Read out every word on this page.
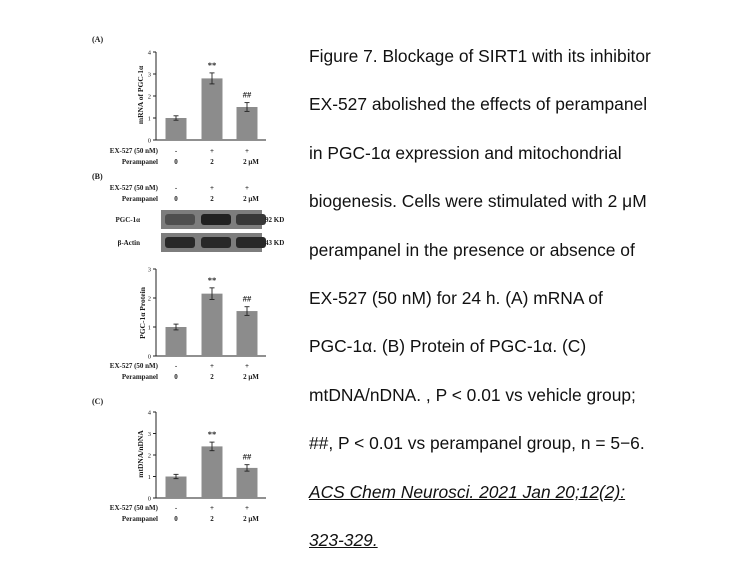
(A)
mRNA of PGC-1α
0
1
2
3
4
**
##
EX-527 (50 nM) -	+	+
Perampanel 0	2	2 μM
(B)
EX-527 (50 nM) -	+	+
Perampanel 0	2	2 μM
PGC-1α	92 KD
β-Actin	43 KD
PGC-1α Protein
0
1
2
3
**
##
EX-527 (50 nM) -	+	+
Perampanel 0	2	2 μM
(C)
mtDNA/nDNA
0
1
2
3
4
**
##
EX-527 (50 nM) -	+	+
Perampanel 0	2	2 μM
Figure 7. Blockage of SIRT1 with its inhibitor
EX-527 abolished the effects of perampanel
in PGC-1α expression and mitochondrial
biogenesis. Cells were stimulated with 2 μM
perampanel in the presence or absence of
EX-527 (50 nM) for 24 h. (A) mRNA of
PGC-1α. (B) Protein of PGC-1α. (C)
mtDNA/nDNA. , P < 0.01 vs vehicle group;
##, P < 0.01 vs perampanel group, n = 5−6.
ACS Chem Neurosci. 2021 Jan 20;12(2):
323-329.
